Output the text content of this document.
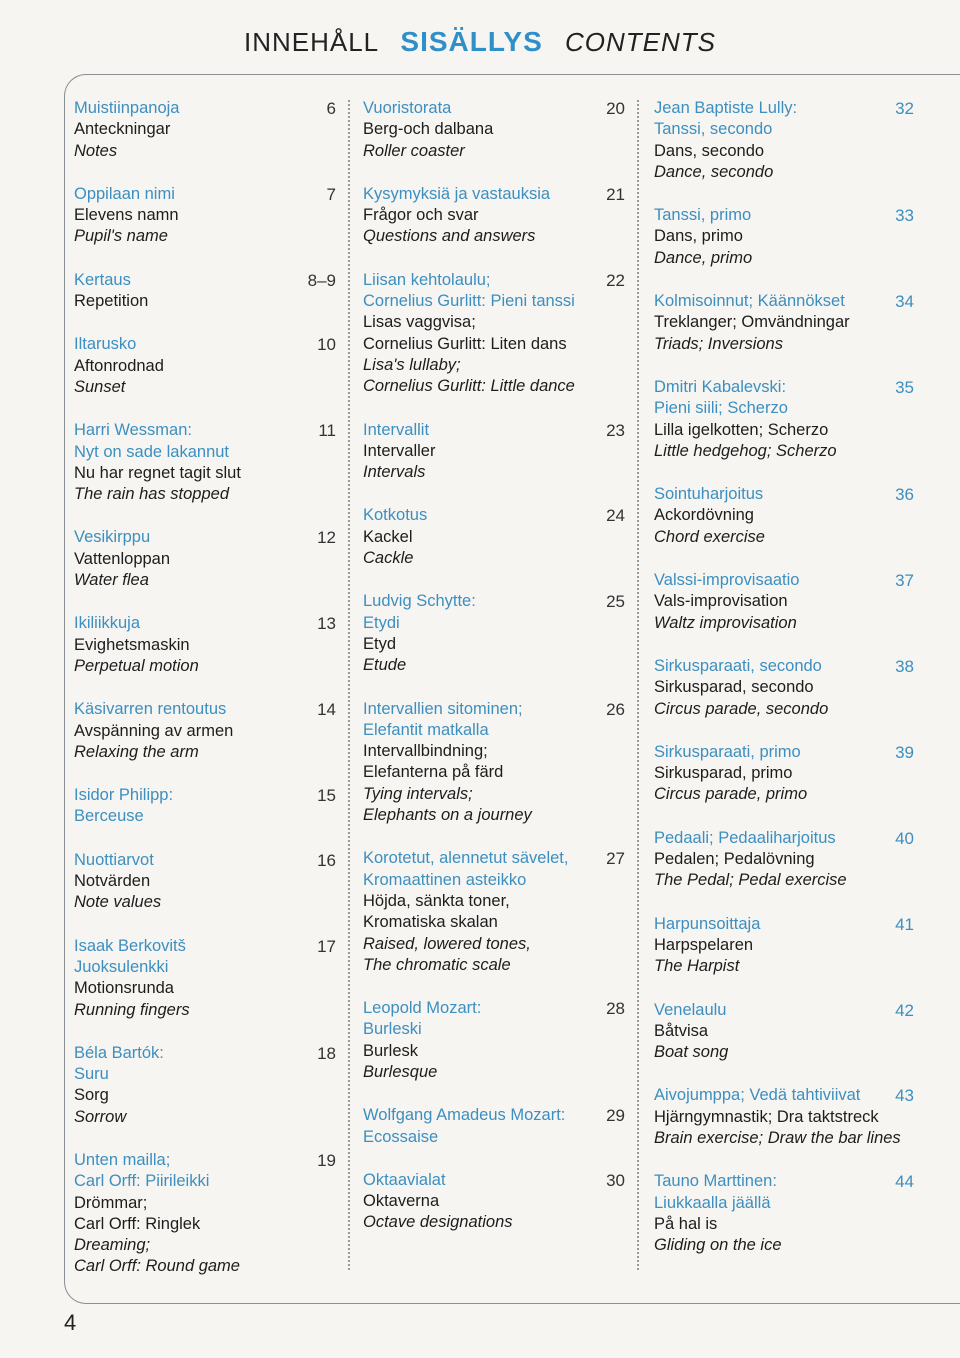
INNEHÅLL SISÄLLYS CONTENTS
Muistiinpanoja
Anteckningar
Notes
6
Oppilaan nimi
Elevens namn
Pupil's name
7
Kertaus
Repetition
8–9
Iltarusko
Aftonrodnad
Sunset
10
Harri Wessman:
Nyt on sade lakannut
Nu har regnet tagit slut
The rain has stopped
11
Vesikirppu
Vattenloppan
Water flea
12
Ikiliikkuja
Evighetsmaskin
Perpetual motion
13
Käsivarren rentoutus
Avspänning av armen
Relaxing the arm
14
Isidor Philipp:
Berceuse
15
Nuottiarvot
Notvärden
Note values
16
Isaak Berkovitš
Juoksulenkki
Motionsrunda
Running fingers
17
Béla Bartók:
Suru
Sorg
Sorrow
18
Unten mailla;
Carl Orff: Piirileikki
Drömmar;
Carl Orff: Ringlek
Dreaming;
Carl Orff: Round game
19
Vuoristorata
Berg-och dalbana
Roller coaster
20
Kysymyksiä ja vastauksia
Frågor och svar
Questions and answers
21
Liisan kehtolaulu;
Cornelius Gurlitt: Pieni tanssi
Lisas vaggvisa;
Cornelius Gurlitt: Liten dans
Lisa's lullaby;
Cornelius Gurlitt: Little dance
22
Intervallit
Intervaller
Intervals
23
Kotkotus
Kackel
Cackle
24
Ludvig Schytte:
Etydi
Etyd
Etude
25
Intervallien sitominen;
Elefantit matkalla
Intervallbindning;
Elefanterna på färd
Tying intervals;
Elephants on a journey
26
Korotetut, alennetut sävelet,
Kromaattinen asteikko
Höjda, sänkta toner,
Kromatiska skalan
Raised, lowered tones,
The chromatic scale
27
Leopold Mozart:
Burleski
Burlesk
Burlesque
28
Wolfgang Amadeus Mozart:
Ecossaise
29
Oktaavialat
Oktaverna
Octave designations
30
Jean Baptiste Lully:
Tanssi, secondo
Dans, secondo
Dance, secondo
32
Tanssi, primo
Dans, primo
Dance, primo
33
Kolmisoinnut; Käännökset
Treklanger; Omvändningar
Triads; Inversions
34
Dmitri Kabalevski:
Pieni siili; Scherzo
Lilla igelkotten; Scherzo
Little hedgehog; Scherzo
35
Sointuharjoitus
Ackordövning
Chord exercise
36
Valssi-improvisaatio
Vals-improvisation
Waltz improvisation
37
Sirkusparaati, secondo
Sirkusparad, secondo
Circus parade, secondo
38
Sirkusparaati, primo
Sirkusparad, primo
Circus parade, primo
39
Pedaali; Pedaaliharjoitus
Pedalen; Pedalövning
The Pedal; Pedal exercise
40
Harpunsoittaja
Harpspelaren
The Harpist
41
Venelaulu
Båtvisa
Boat song
42
Aivojumppa; Vedä tahtiviivat
Hjärngymnastik; Dra taktstreck
Brain exercise; Draw the bar lines
43
Tauno Marttinen:
Liukkaalla jäällä
På hal is
Gliding on the ice
44
4
